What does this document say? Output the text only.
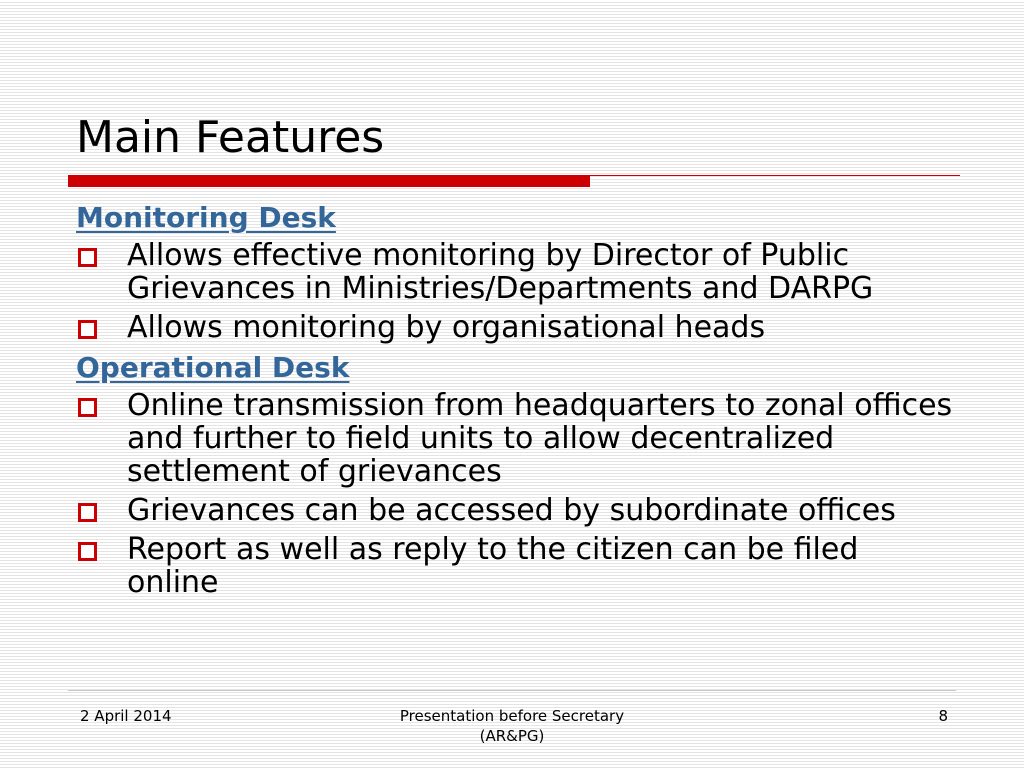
Main Features
Monitoring Desk
Allows effective monitoring by Director of Public Grievances in Ministries/Departments and DARPG
Allows monitoring by organisational heads
Operational Desk
Online transmission from headquarters to zonal offices and further to field units to allow decentralized settlement of grievances
Grievances can be accessed by subordinate offices
Report as well as reply to the citizen can be filed online
2 April 2014	Presentation before Secretary
(AR&PG)
8
